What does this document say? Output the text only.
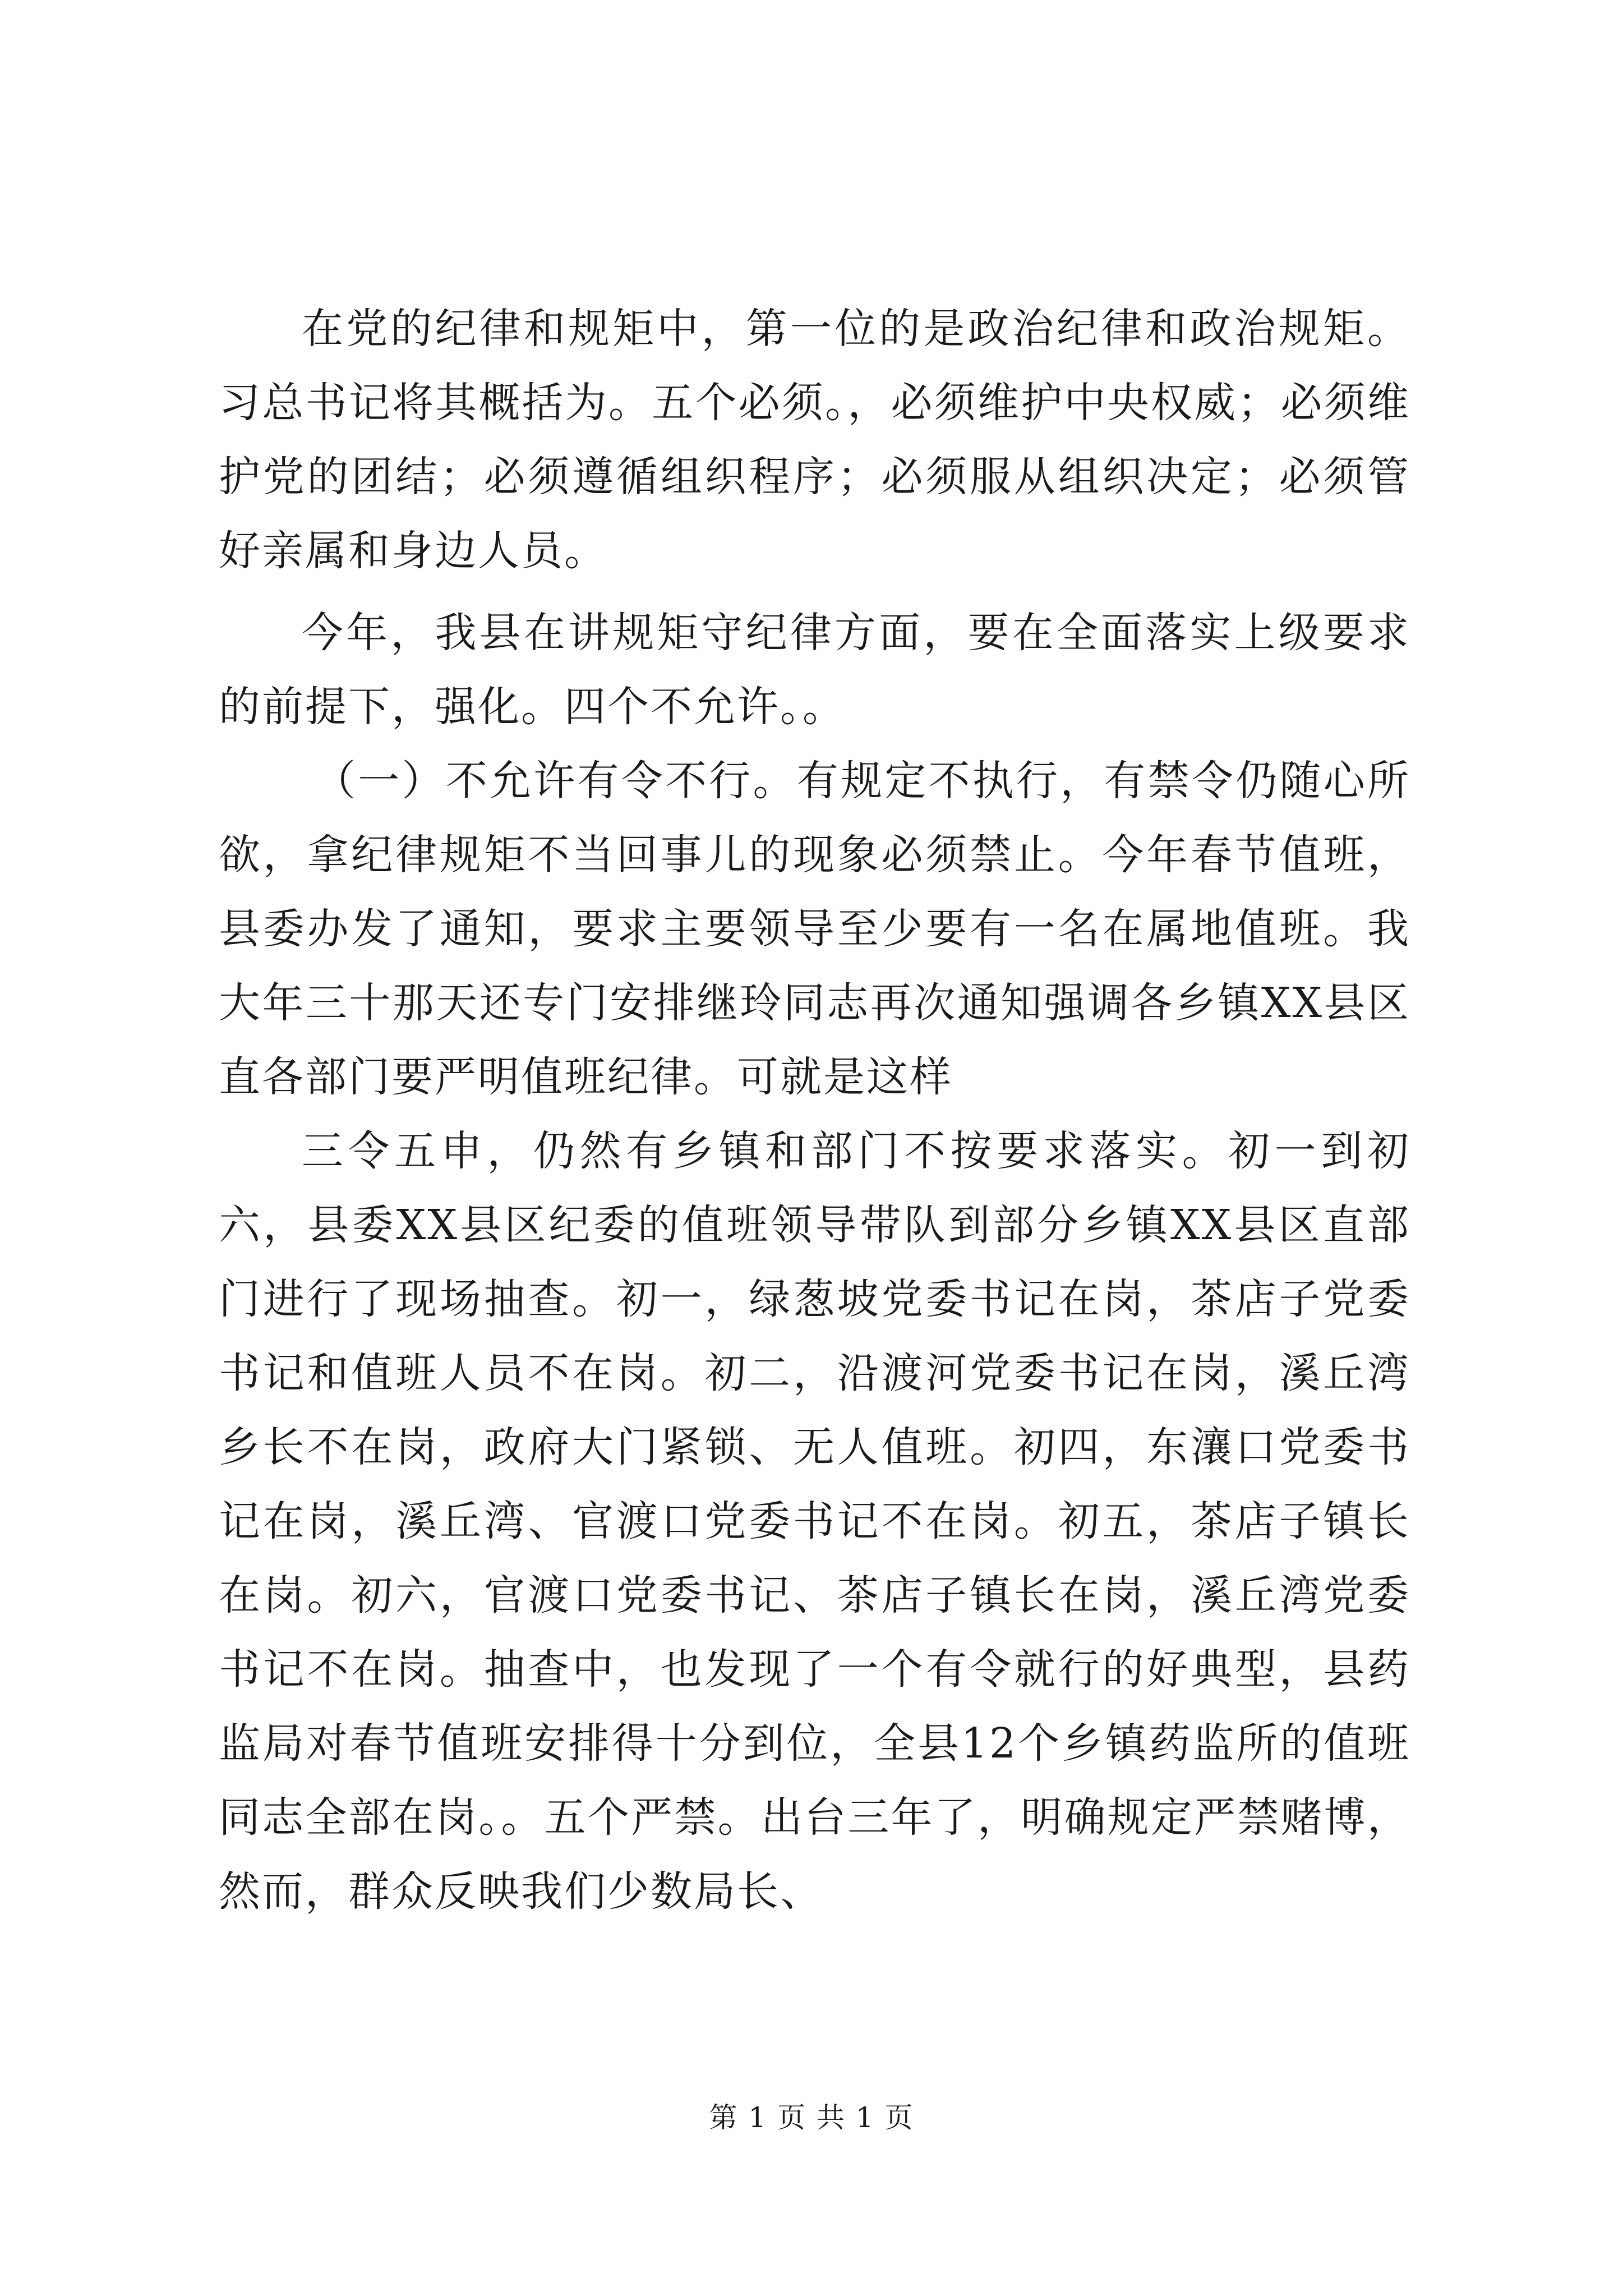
在党的纪律和规矩中，第一位的是政治纪律和政治规矩。习总书记将其概括为。五个必须。，必须维护中央权威；必须维护党的团结；必须遵循组织程序；必须服从组织决定；必须管好亲属和身边人员。

今年，我县在讲规矩守纪律方面，要在全面落实上级要求的前提下，强化。四个不允许。。

（一）不允许有令不行。有规定不执行，有禁令仍随心所欲，拿纪律规矩不当回事儿的现象必须禁止。今年春节值班，县委办发了通知，要求主要领导至少要有一名在属地值班。我大年三十那天还专门安排继玲同志再次通知强调各乡镇XX县区直各部门要严明值班纪律。可就是这样

三令五申，仍然有乡镇和部门不按要求落实。初一到初六，县委XX县区纪委的值班领导带队到部分乡镇XX县区直部门进行了现场抽查。初一，绿葱坡党委书记在岗，茶店子党委书记和值班人员不在岗。初二，沿渡河党委书记在岗，溪丘湾乡长不在岗，政府大门紧锁、无人值班。初四，东瀼口党委书记在岗，溪丘湾、官渡口党委书记不在岗。初五，茶店子镇长在岗。初六，官渡口党委书记、茶店子镇长在岗，溪丘湾党委书记不在岗。抽查中，也发现了一个有令就行的好典型，县药监局对春节值班安排得十分到位，全县12个乡镇药监所的值班同志全部在岗。。五个严禁。出台三年了，明确规定严禁赌博，然而，群众反映我们少数局长、

第 1 页 共 1 页
